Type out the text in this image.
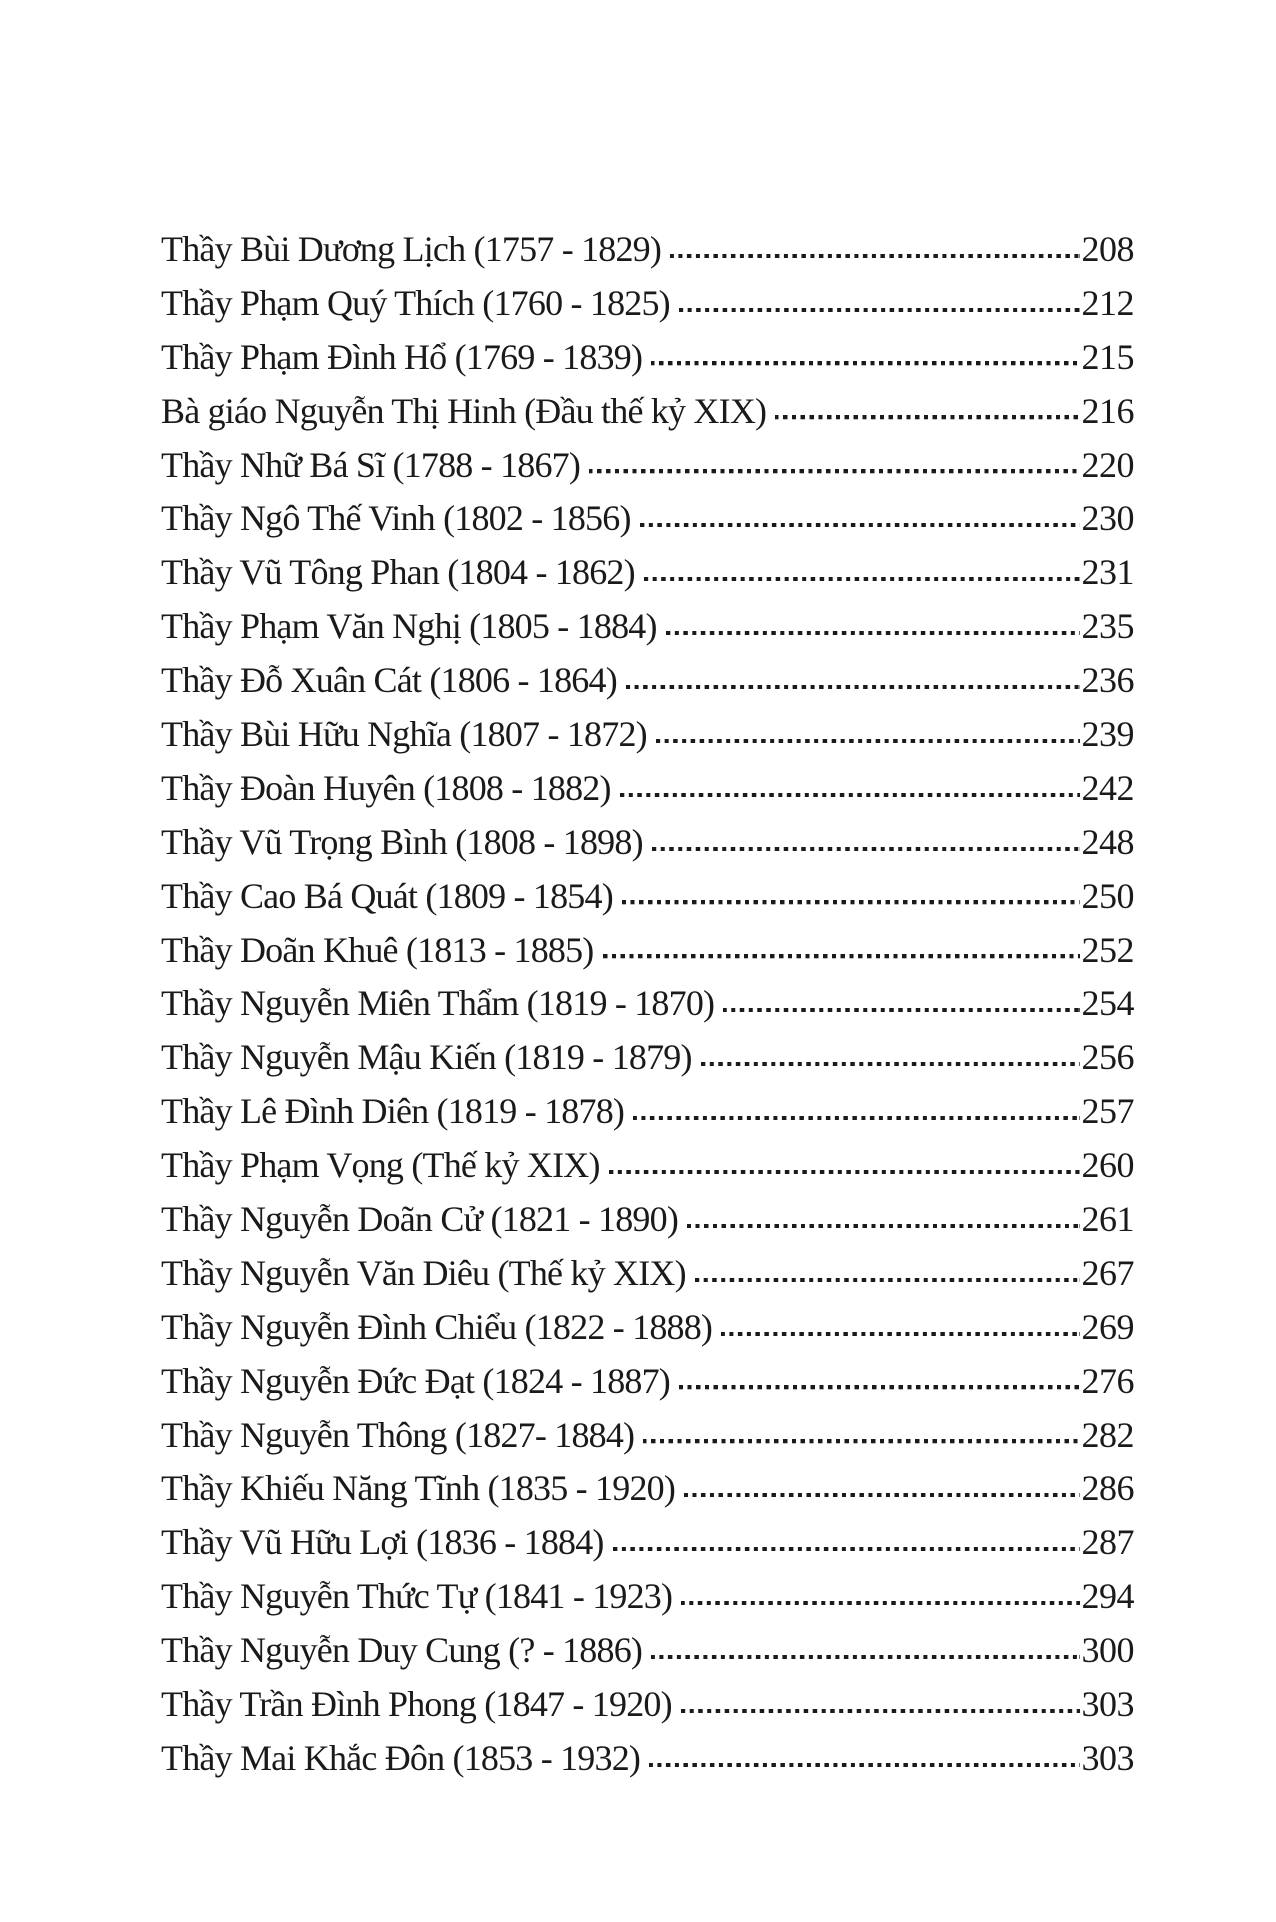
Thầy Bùi Dương Lịch (1757 - 1829)	208
Thầy Phạm Quý Thích (1760 - 1825)	212
Thầy Phạm Đình Hổ (1769 - 1839)	215
Bà giáo Nguyễn Thị Hinh (Đầu thế kỷ XIX)	216
Thầy Nhữ Bá Sĩ (1788 - 1867)	220
Thầy Ngô Thế Vinh (1802 - 1856)	230
Thầy Vũ Tông Phan (1804 - 1862)	231
Thầy Phạm Văn Nghị (1805 - 1884)	235
Thầy Đỗ Xuân Cát (1806 - 1864)	236
Thầy Bùi Hữu Nghĩa (1807 - 1872)	239
Thầy Đoàn Huyên (1808 - 1882)	242
Thầy Vũ Trọng Bình (1808 - 1898)	248
Thầy Cao Bá Quát (1809 - 1854)	250
Thầy Doãn Khuê (1813 - 1885)	252
Thầy Nguyễn Miên Thẩm (1819 - 1870)	254
Thầy Nguyễn Mậu Kiến (1819 - 1879)	256
Thầy Lê Đình Diên (1819 - 1878)	257
Thầy Phạm Vọng (Thế kỷ XIX)	260
Thầy Nguyễn Doãn Cử (1821 - 1890)	261
Thầy Nguyễn Văn Diêu (Thế kỷ XIX)	267
Thầy Nguyễn Đình Chiểu (1822 - 1888)	269
Thầy Nguyễn Đức Đạt (1824 - 1887)	276
Thầy Nguyễn Thông (1827- 1884)	282
Thầy Khiếu Năng Tĩnh (1835 - 1920)	286
Thầy Vũ Hữu Lợi (1836 - 1884)	287
Thầy Nguyễn Thức Tự (1841 - 1923)	294
Thầy Nguyễn Duy Cung (? - 1886)	300
Thầy Trần Đình Phong (1847 - 1920)	303
Thầy Mai Khắc Đôn (1853 - 1932)	303
